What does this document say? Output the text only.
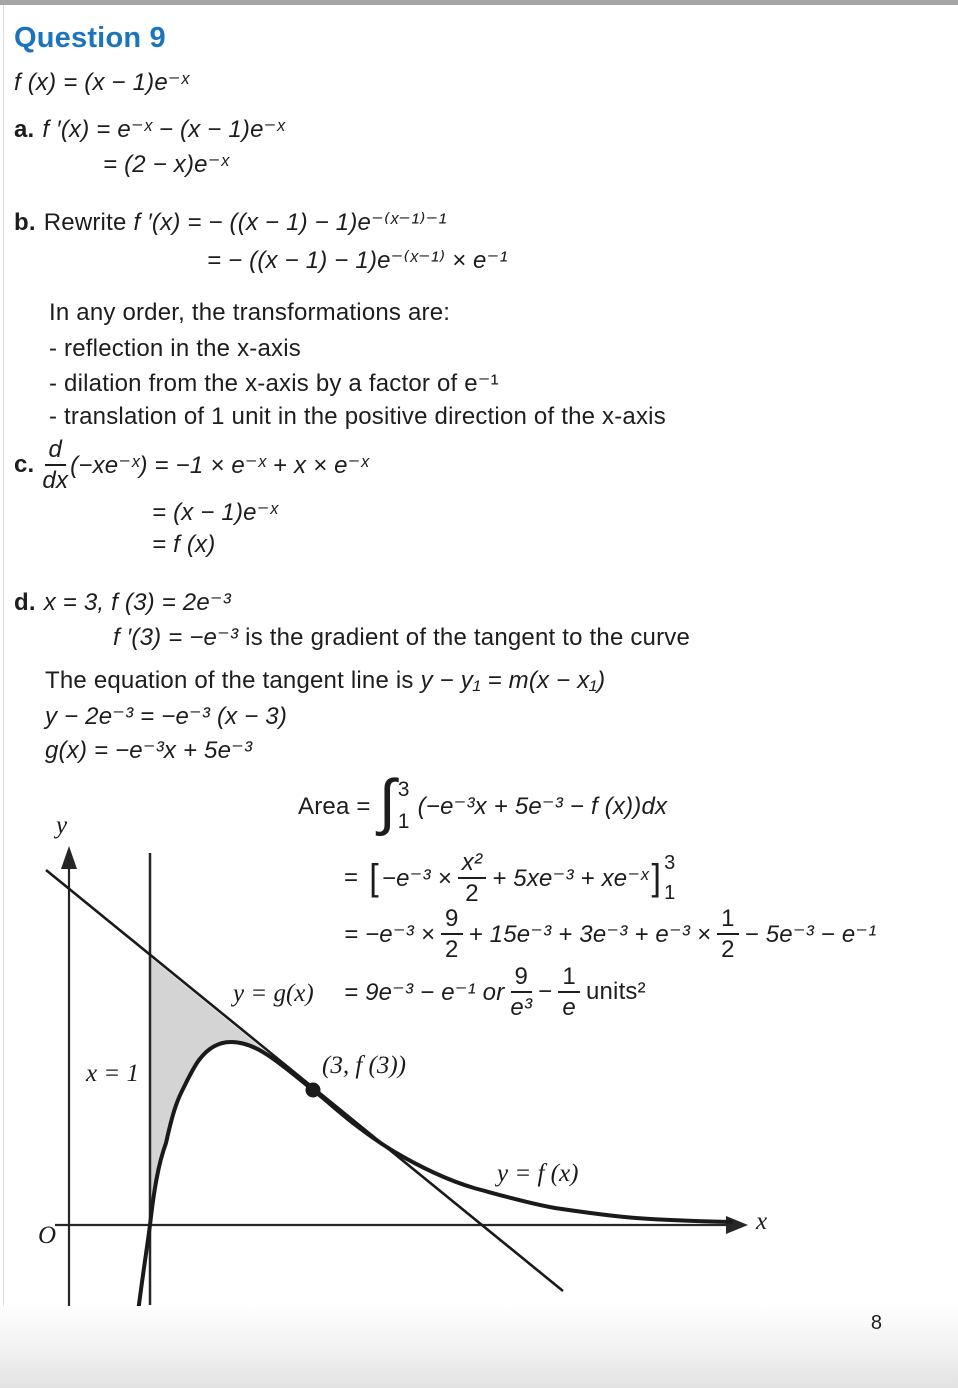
Question 9
f (x) = (x − 1)e⁻ˣ
a. f ′(x) = e⁻ˣ − (x − 1)e⁻ˣ
= (2 − x)e⁻ˣ
b. Rewrite f ′(x) = − ((x − 1) − 1)e⁻⁽ˣ⁻¹⁾⁻¹
= − ((x − 1) − 1)e⁻⁽ˣ⁻¹⁾ × e⁻¹
In any order, the transformations are:
- reflection in the x-axis
- dilation from the x-axis by a factor of e⁻¹
- translation of 1 unit in the positive direction of the x-axis
c. $\frac{d}{dx}$ (−xe⁻ˣ) = −1 × e⁻ˣ + x × e⁻ˣ
= (x − 1)e⁻ˣ
= f (x)
d. x = 3, f (3) = 2e⁻³
f ′(3) = −e⁻³ is the gradient of the tangent to the curve
The equation of the tangent line is y − y₁ = m(x − x₁)
y − 2e⁻³ = −e⁻³ (x − 3)
g(x) = −e⁻³x + 5e⁻³
Area = ∫ 3
1
(−e⁻³x + 5e⁻³ − f (x))dx
= [ $-e^{-3} \times \frac{\text{x²}}{2} + 5xe^{-3}$ + xe⁻ˣ ] 3
1
= $-e^{-3} \times \frac{9}{2} + 15e^{-3} + 3e^{-3} + e^{-3} \times \frac{1}{2} - 5e^{-3} - e^{-1}$
= 9e⁻³ − e⁻¹ or $\frac{9}{\text{e³}} - \frac{1}{e}$ units²
y
x
O
x = 1
y = g(x)
(3, f (3))
y = f (x)
8
